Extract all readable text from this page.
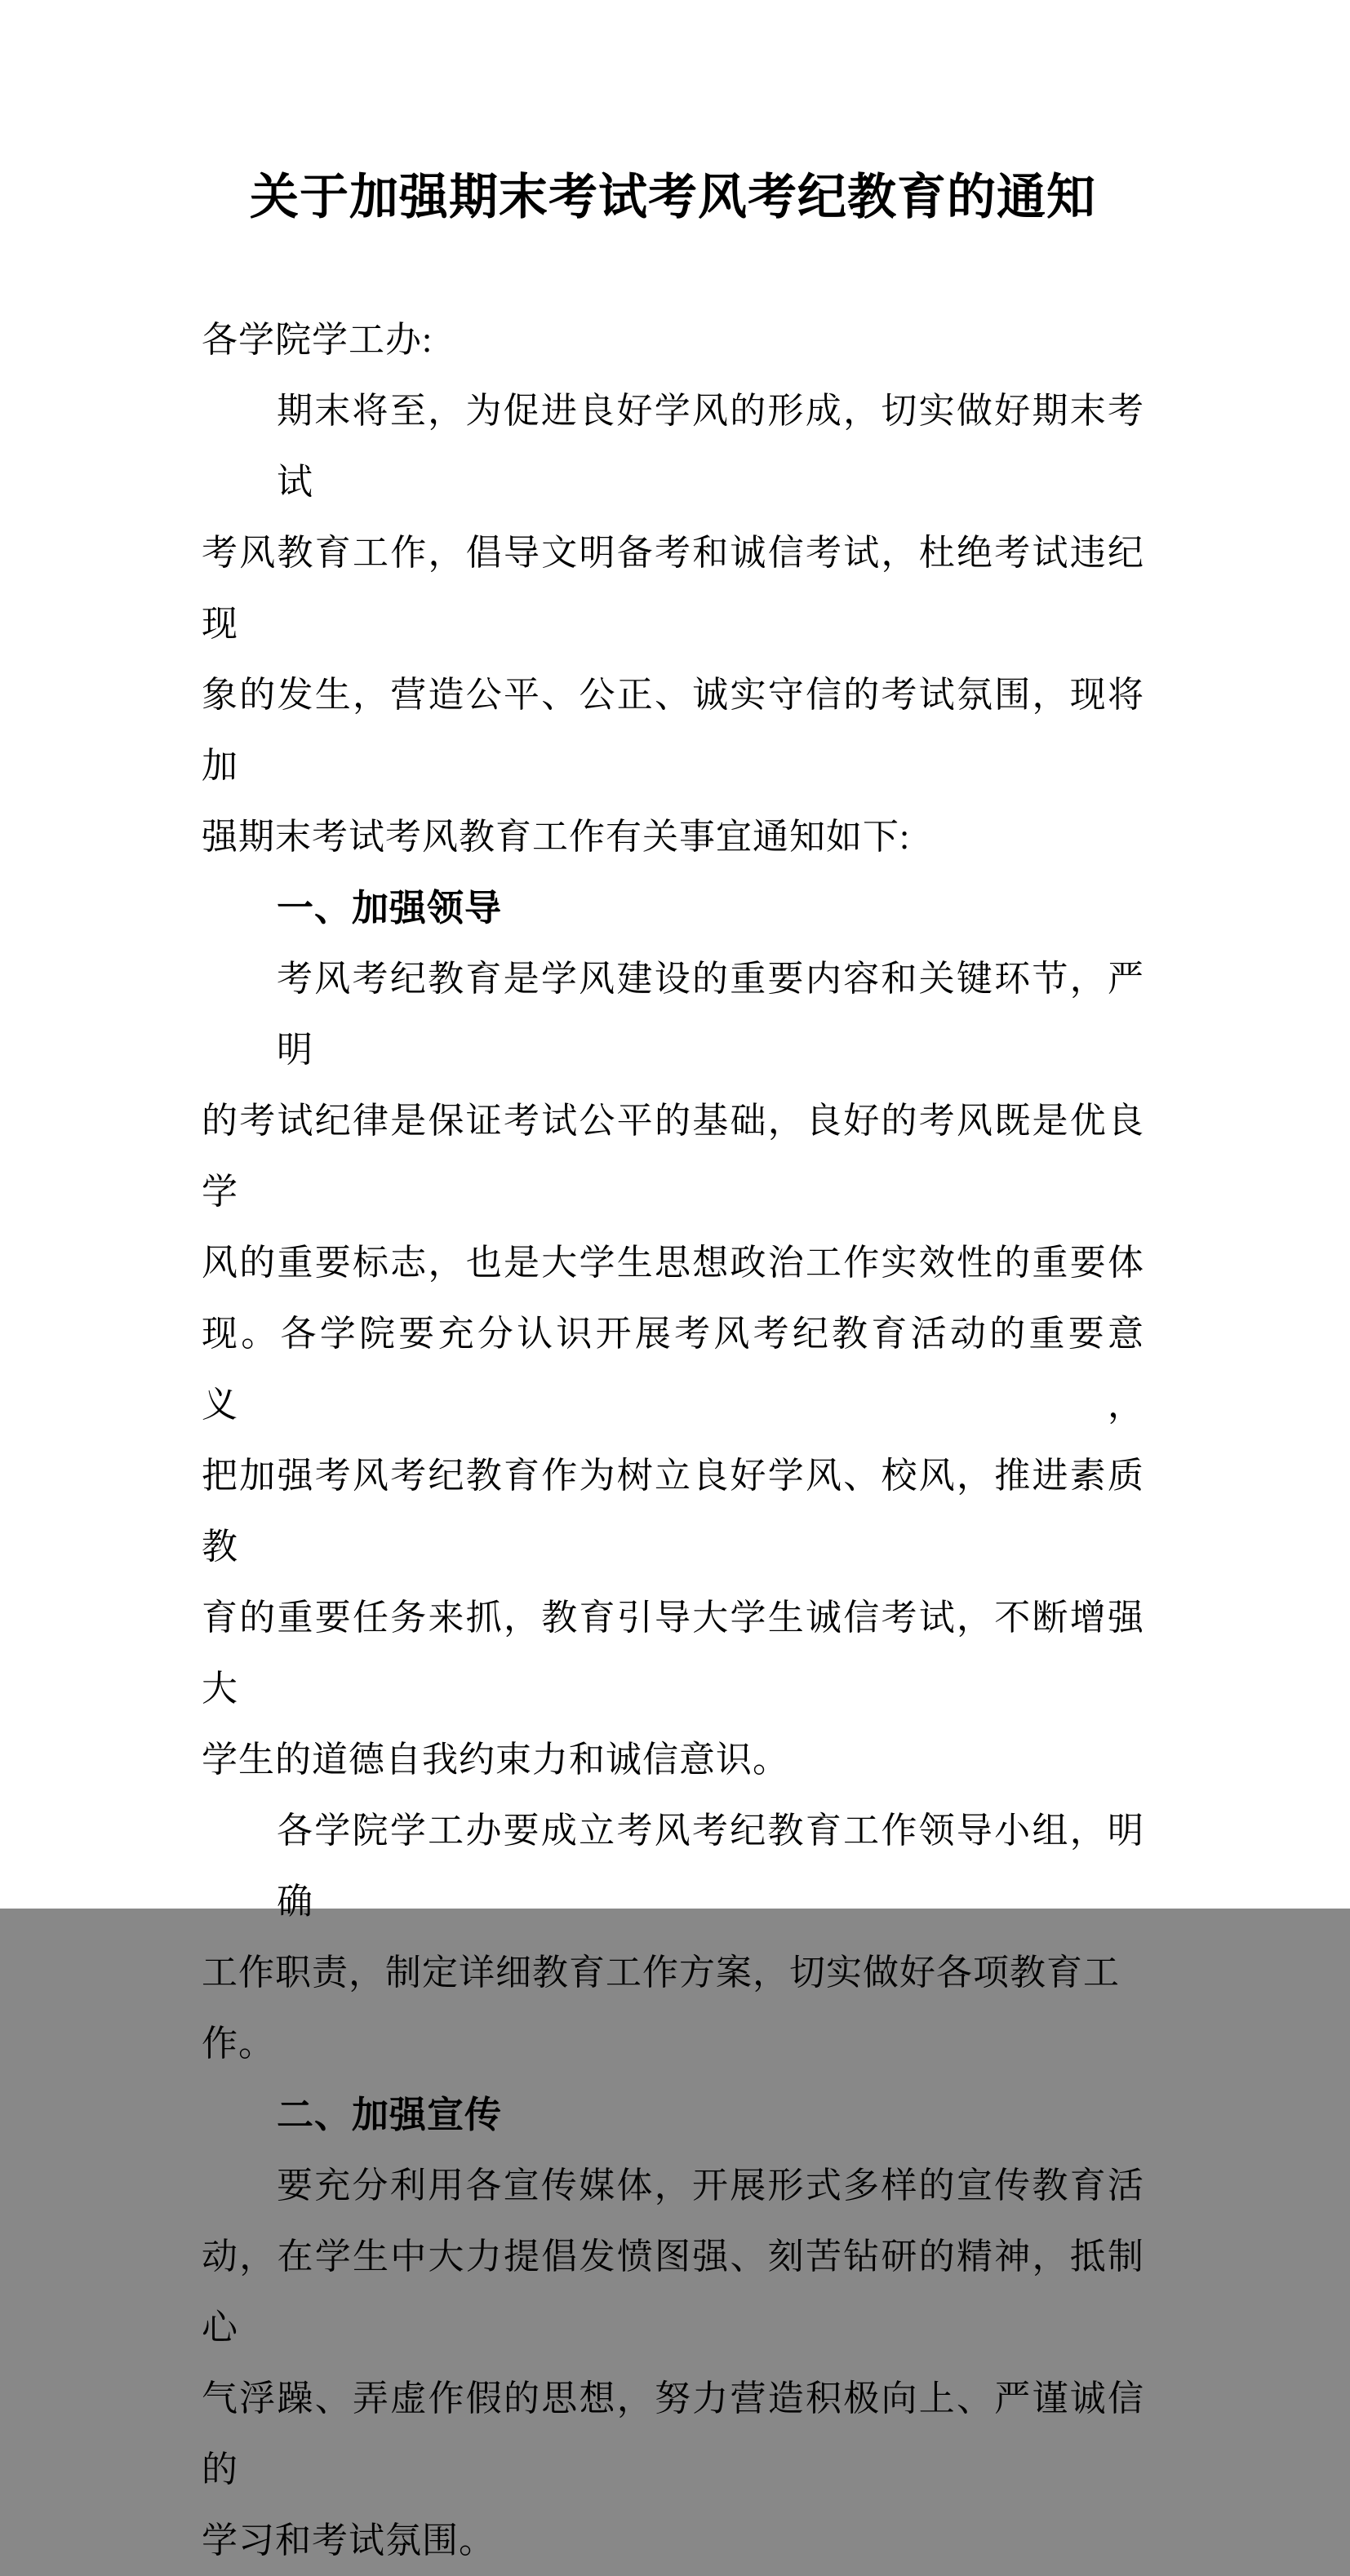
关于加强期末考试考风考纪教育的通知
各学院学工办:
期末将至，为促进良好学风的形成，切实做好期末考试
考风教育工作，倡导文明备考和诚信考试，杜绝考试违纪现
象的发生，营造公平、公正、诚实守信的考试氛围，现将加
强期末考试考风教育工作有关事宜通知如下:
一、加强领导
考风考纪教育是学风建设的重要内容和关键环节，严明
的考试纪律是保证考试公平的基础，良好的考风既是优良学
风的重要标志，也是大学生思想政治工作实效性的重要体
现。各学院要充分认识开展考风考纪教育活动的重要意义，
把加强考风考纪教育作为树立良好学风、校风，推进素质教
育的重要任务来抓，教育引导大学生诚信考试，不断增强大
学生的道德自我约束力和诚信意识。
各学院学工办要成立考风考纪教育工作领导小组，明确
工作职责，制定详细教育工作方案，切实做好各项教育工作。
二、加强宣传
要充分利用各宣传媒体，开展形式多样的宣传教育活
动，在学生中大力提倡发愤图强、刻苦钻研的精神，抵制心
气浮躁、弄虚作假的思想，努力营造积极向上、严谨诚信的
学习和考试氛围。
